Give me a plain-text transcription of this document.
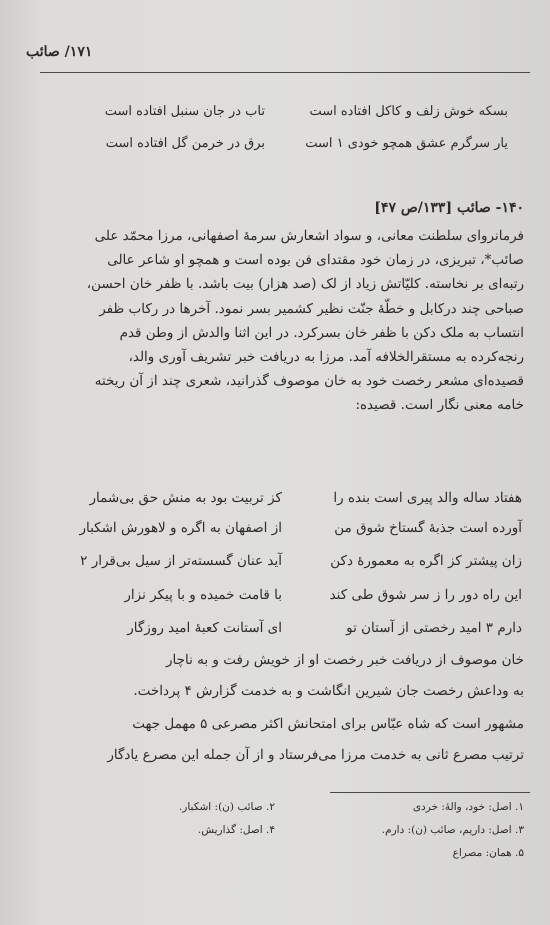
۱۷۱/ صائب
بسکه خوش زلف و کاکل افتاده است
تاب در جان سنبل افتاده است
یار سرگرم عشق همچو خودی ۱ است
برق در خرمن گل افتاده است
۱۴۰- صائب [۱۳۳/ص ۴۷]
فرمانروای سلطنت معانی، و سواد اشعارش سرمهٔ اصفهانی، مرزا محمّد علی
صائب*، تبریزی، در زمان خود مقتدای فن بوده است و همچو او شاعر عالی
رتبه‌ای بر نخاسته. کلیّاتش زیاد از لک (صد هزار) بیت باشد. با ظفر خان احسن،
صباحی چند درکابل و خطّهٔ جنّت نظیر کشمیر بسر نمود. آخرها در رکاب ظفر
انتساب به ملک دکن با ظفر خان بسرکرد. در این اثنا والدش از وطن قدم
رنجه‌کرده به مستقرالخلافه آمد. مرزا به دریافت خبر تشریف آوری والد،
قصیده‌ای مشعر رخصت خود به خان موصوف گذرانید، شعری چند از آن ریخته
خامه معنی نگار است. قصیده:
هفتاد ساله والد پیری است بنده را
کز تربیت بود به منش حق بی‌شمار
آورده است جذبهٔ گستاخ شوق من
از اصفهان به اگره و لاهورش اشکبار
زان پیشتر کز اگره به معمورهٔ دکن
آید عنان گسسته‌تر از سیل بی‌قرار ۲
این راه دور را ز سر شوق طی کند
با قامت خمیده و با پیکر نزار
دارم ۳ امید رخصتی از آستان تو
ای آستانت کعبهٔ امید روزگار
خان موصوف از دریافت خبر رخصت او از خویش رفت و به ناچار
به وداعش رخصت جان شیرین انگاشت و به خدمت گزارش ۴ پرداخت.
مشهور است که شاه عبّاس برای امتحانش اکثر مصرعی ۵ مهمل جهت
ترتیب مصرع ثانی به خدمت مرزا می‌فرستاد و از آن جمله این مصرع یادگار
۱. اصل: خود، والهٔ: خردی
۳. اصل: داریم، صائب (ن): دارم.
۵. همان: مصراع
۲. صائب (ن): اشکبار.
۴. اصل: گذاریش.
